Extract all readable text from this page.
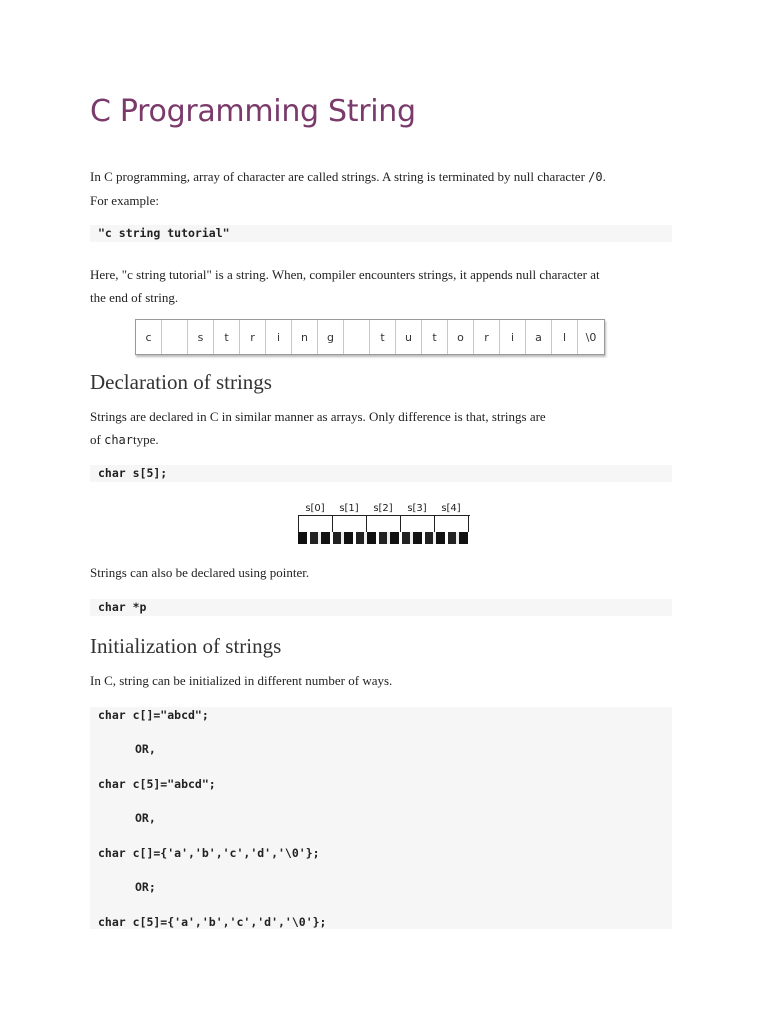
C Programming String

In C programming, array of character are called strings. A string is terminated by null character /0.
For example:

"c string tutorial"

Here, "c string tutorial" is a string. When, compiler encounters strings, it appends null character at
the end of string.

c	s	t	r	i	n	g	t	u	t	o	r	i	a	l	\0
Declaration of strings

Strings are declared in C in similar manner as arrays. Only difference is that, strings are
of chartype.

char s[5];
s[0]	s[1]	s[2]	s[3]	s[4]

Strings can also be declared using pointer.

char *p
Initialization of strings

In C, string can be initialized in different number of ways.

char c[]="abcd";

OR,

char c[5]="abcd";

OR,

char c[]={'a','b','c','d','\0'};

OR;

char c[5]={'a','b','c','d','\0'};
